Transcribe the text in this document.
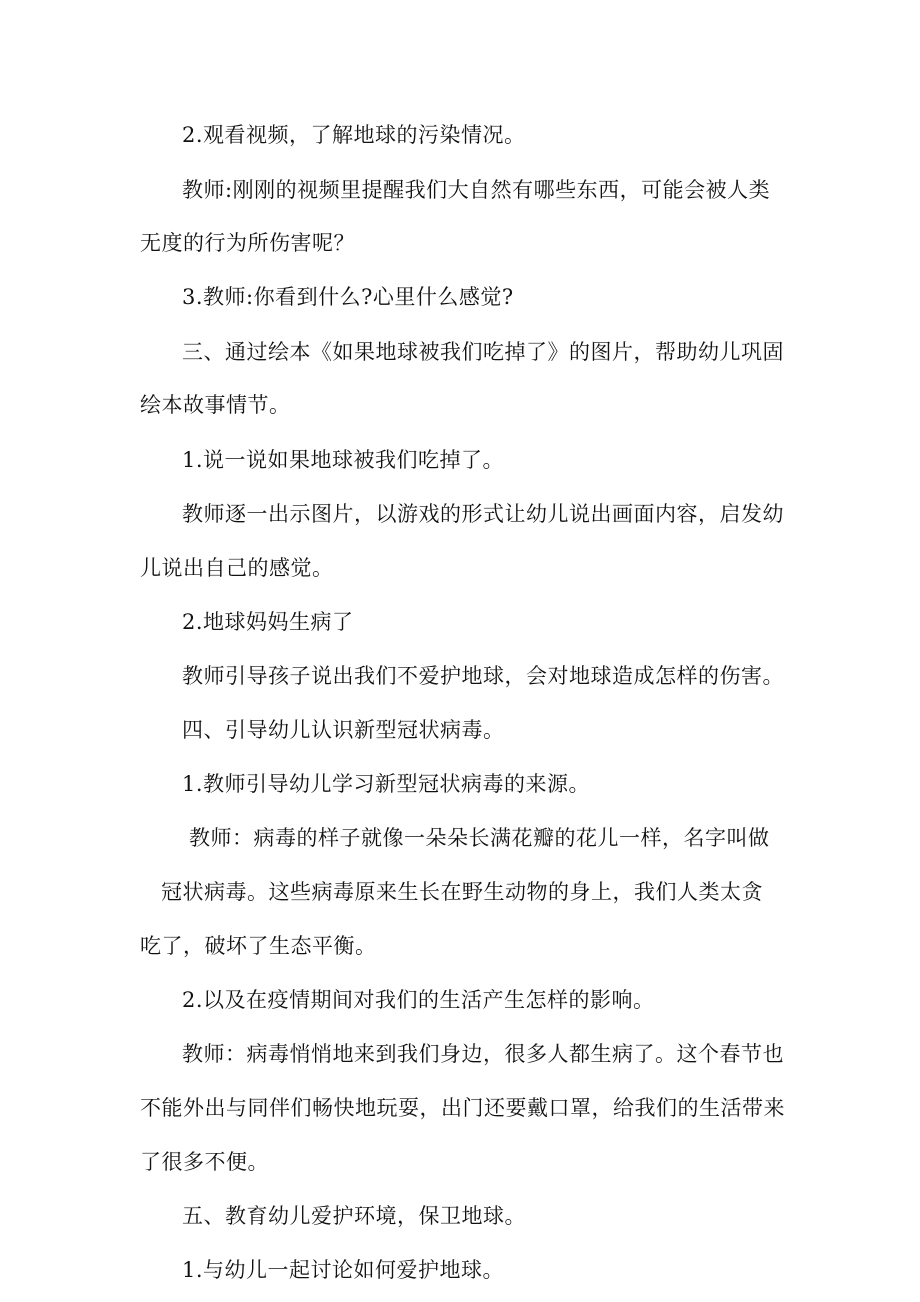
2.观看视频，了解地球的污染情况。
教师:刚刚的视频里提醒我们大自然有哪些东西，可能会被人类
无度的行为所伤害呢？
3.教师:你看到什么?心里什么感觉?
三、通过绘本《如果地球被我们吃掉了》的图片，帮助幼儿巩固
绘本故事情节。
1.说一说如果地球被我们吃掉了。
教师逐一出示图片，以游戏的形式让幼儿说出画面内容，启发幼
儿说出自己的感觉。
2.地球妈妈生病了
教师引导孩子说出我们不爱护地球，会对地球造成怎样的伤害。
四、引导幼儿认识新型冠状病毒。
1.教师引导幼儿学习新型冠状病毒的来源。
教师：病毒的样子就像一朵朵长满花瓣的花儿一样，名字叫做
冠状病毒。这些病毒原来生长在野生动物的身上，我们人类太贪
吃了，破坏了生态平衡。
2.以及在疫情期间对我们的生活产生怎样的影响。
教师：病毒悄悄地来到我们身边，很多人都生病了。这个春节也
不能外出与同伴们畅快地玩耍，出门还要戴口罩，给我们的生活带来
了很多不便。
五、教育幼儿爱护环境，保卫地球。
1.与幼儿一起讨论如何爱护地球。
